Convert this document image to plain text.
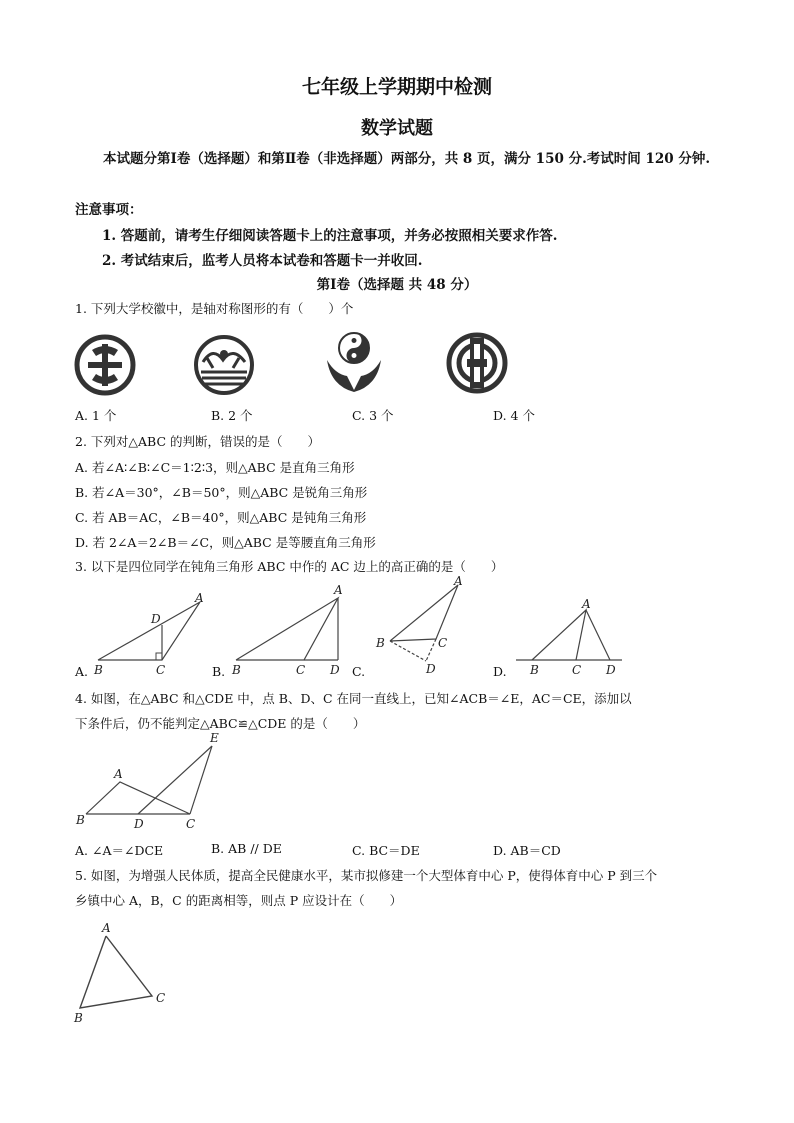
七年级上学期期中检测
数学试题
本试题分第Ⅰ卷（选择题）和第Ⅱ卷（非选择题）两部分，共 8 页，满分 150 分.考试时间 120 分钟.
注意事项：
1. 答题前，请考生仔细阅读答题卡上的注意事项，并务必按照相关要求作答.
2. 考试结束后，监考人员将本试卷和答题卡一并收回.
第Ⅰ卷（选择题 共 48 分）
1. 下列大学校徽中，是轴对称图形的有（　　）个
A. 1 个	B. 2 个	C. 3 个	D. 4 个
2. 下列对△ABC 的判断，错误的是（　　）
A. 若∠A∶∠B∶∠C＝1∶2∶3，则△ABC 是直角三角形
B. 若∠A＝30°，∠B＝50°，则△ABC 是锐角三角形
C. 若 AB＝AC，∠B＝40°，则△ABC 是钝角三角形
D. 若 2∠A＝2∠B＝∠C，则△ABC 是等腰直角三角形
3. 以下是四位同学在钝角三角形 ABC 中作的 AC 边上的高正确的是（　　）
A.
A
D
B	C	B.
A
B	C D C.
A
B	C
D	D.
A
B	C D
4. 如图，在△ABC 和△CDE 中，点 B、D、C 在同一直线上，已知∠ACB＝∠E，AC＝CE，添加以
下条件后，仍不能判定△ABC≌△CDE 的是（　　）
A
B	D	C
E
A. ∠A＝∠DCE	B. AB // DE	C. BC＝DE	D. AB＝CD
5. 如图，为增强人民体质，提高全民健康水平，某市拟修建一个大型体育中心 P，使得体育中心 P 到三个
乡镇中心 A，B，C 的距离相等，则点 P 应设计在（　　）
A
C
B
